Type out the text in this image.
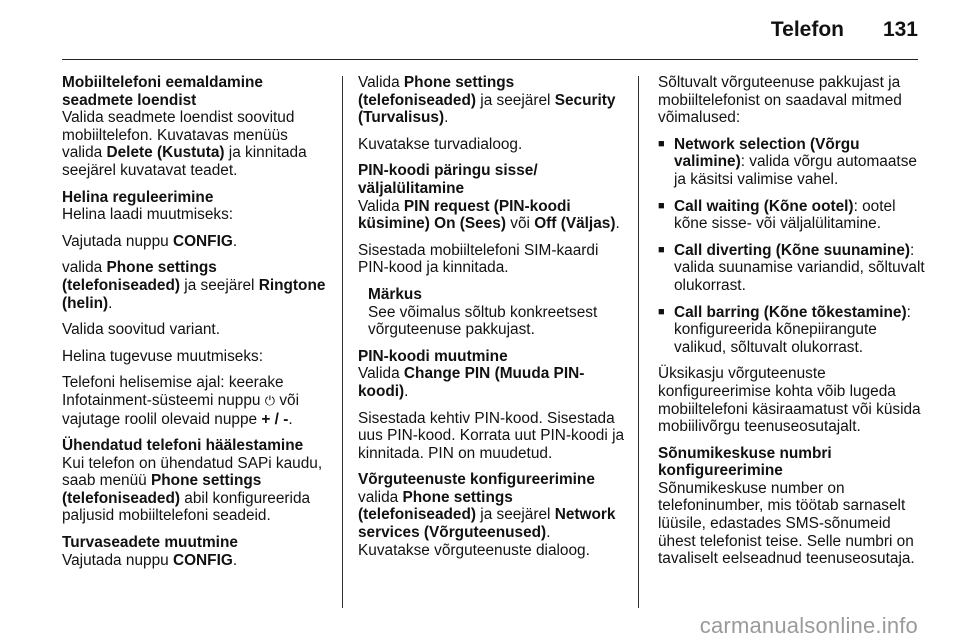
Telefon 131

Mobiiltelefoni eemaldamine
seadmete loendist
Valida seadmete loendist soovitud mobiiltelefon. Kuvatavas menüüs valida Delete (Kustuta) ja kinnitada seejärel kuvatavat teadet.

Helina reguleerimine
Helina laadi muutmiseks:

Vajutada nuppu CONFIG.

valida Phone settings (telefoniseaded) ja seejärel Ringtone (helin).

Valida soovitud variant.

Helina tugevuse muutmiseks:

Telefoni helisemise ajal: keerake Infotainment-süsteemi nuppu ⏻ või vajutage roolil olevaid nuppe + / -.

Ühendatud telefoni häälestamine
Kui telefon on ühendatud SAPi kaudu, saab menüü Phone settings (telefoniseaded) abil konfigureerida paljusid mobiiltelefoni seadeid.

Turvaseadete muutmine
Vajutada nuppu CONFIG.

Valida Phone settings (telefoniseaded) ja seejärel Security (Turvalisus).

Kuvatakse turvadialoog.

PIN-koodi päringu sisse/
väljalülitamine
Valida PIN request (PIN-koodi küsimine) On (Sees) või Off (Väljas).

Sisestada mobiiltelefoni SIM-kaardi PIN-kood ja kinnitada.

Märkus
See võimalus sõltub konkreetsest võrguteenuse pakkujast.

PIN-koodi muutmine
Valida Change PIN (Muuda PIN-koodi).

Sisestada kehtiv PIN-kood. Sisestada uus PIN-kood. Korrata uut PIN-koodi ja kinnitada. PIN on muudetud.

Võrguteenuste konfigureerimine
valida Phone settings (telefoniseaded) ja seejärel Network services (Võrguteenused).
Kuvatakse võrguteenuste dialoog.

Sõltuvalt võrguteenuse pakkujast ja mobiiltelefonist on saadaval mitmed võimalused:

■ Network selection (Võrgu valimine): valida võrgu automaatse ja käsitsi valimise vahel.
■ Call waiting (Kõne ootel): ootel kõne sisse- või väljalülitamine.
■ Call diverting (Kõne suunamine): valida suunamise variandid, sõltuvalt olukorrast.
■ Call barring (Kõne tõkestamine): konfigureerida kõnepiirangute valikud, sõltuvalt olukorrast.

Üksikasju võrguteenuste konfigureerimise kohta võib lugeda mobiiltelefoni käsiraamatust või küsida mobiilivõrgu teenuseosutajalt.

Sõnumikeskuse numbri
konfigureerimine
Sõnumikeskuse number on telefoninumber, mis töötab sarnaselt lüüsile, edastades SMS-sõnumeid ühest telefonist teise. Selle numbri on tavaliselt eelseadnud teenuseosutaja.

carmanualsonline.info
